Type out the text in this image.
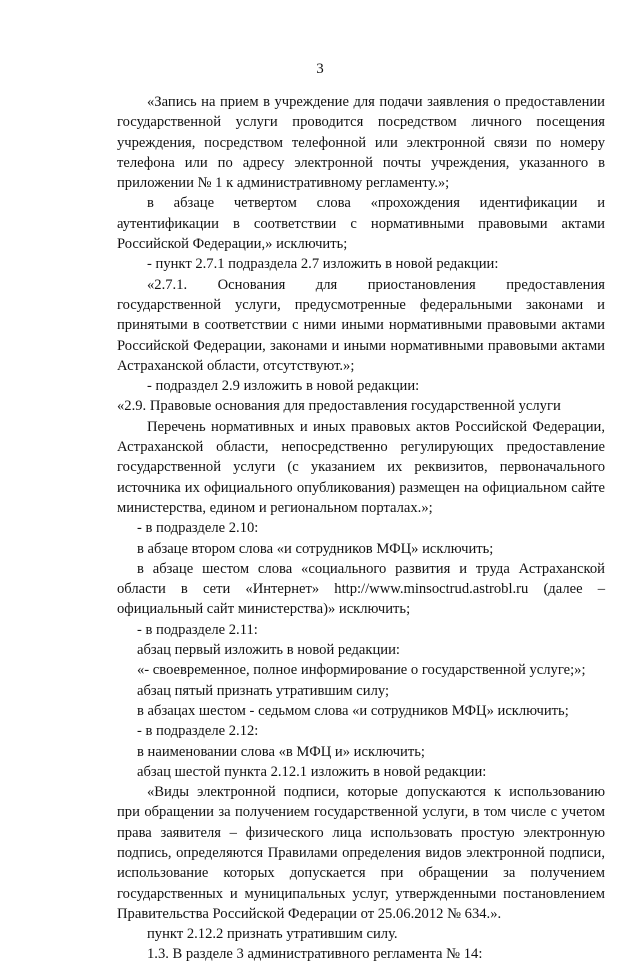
3

«Запись на прием в учреждение для подачи заявления о предоставлении государственной услуги проводится посредством личного посещения учреждения, посредством телефонной или электронной связи по номеру телефона или по адресу электронной почты учреждения, указанного в приложении № 1 к административному регламенту.»;

в абзаце четвертом слова «прохождения идентификации и аутентификации в соответствии с нормативными правовыми актами Российской Федерации,» исключить;

- пункт 2.7.1 подраздела 2.7 изложить в новой редакции:

«2.7.1. Основания для приостановления предоставления государственной услуги, предусмотренные федеральными законами и принятыми в соответствии с ними иными нормативными правовыми актами Российской Федерации, законами и иными нормативными правовыми актами Астраханской области, отсутствуют.»;

- подраздел 2.9 изложить в новой редакции:

«2.9. Правовые основания для предоставления государственной услуги

Перечень нормативных и иных правовых актов Российской Федерации, Астраханской области, непосредственно регулирующих предоставление государственной услуги (с указанием их реквизитов, первоначального источника их официального опубликования) размещен на официальном сайте министерства, едином и региональном порталах.»;

- в подразделе 2.10:

в абзаце втором слова «и сотрудников МФЦ» исключить;

в абзаце шестом слова «социального развития и труда Астраханской области в сети «Интернет» http://www.minsoctrud.astrobl.ru (далее – официальный сайт министерства)» исключить;

- в подразделе 2.11:

абзац первый изложить в новой редакции:

«- своевременное, полное информирование о государственной услуге;»;

абзац пятый признать утратившим силу;

в абзацах шестом - седьмом слова «и сотрудников МФЦ» исключить;

- в подразделе 2.12:

в наименовании слова «в МФЦ и» исключить;

абзац шестой пункта 2.12.1 изложить в новой редакции:

«Виды электронной подписи, которые допускаются к использованию при обращении за получением государственной услуги, в том числе с учетом права заявителя – физического лица использовать простую электронную подпись, определяются Правилами определения видов электронной подписи, использование которых допускается при обращении за получением государственных и муниципальных услуг, утвержденными постановлением Правительства Российской Федерации от 25.06.2012 № 634.».

пункт 2.12.2 признать утратившим силу.

1.3. В разделе 3 административного регламента № 14:
